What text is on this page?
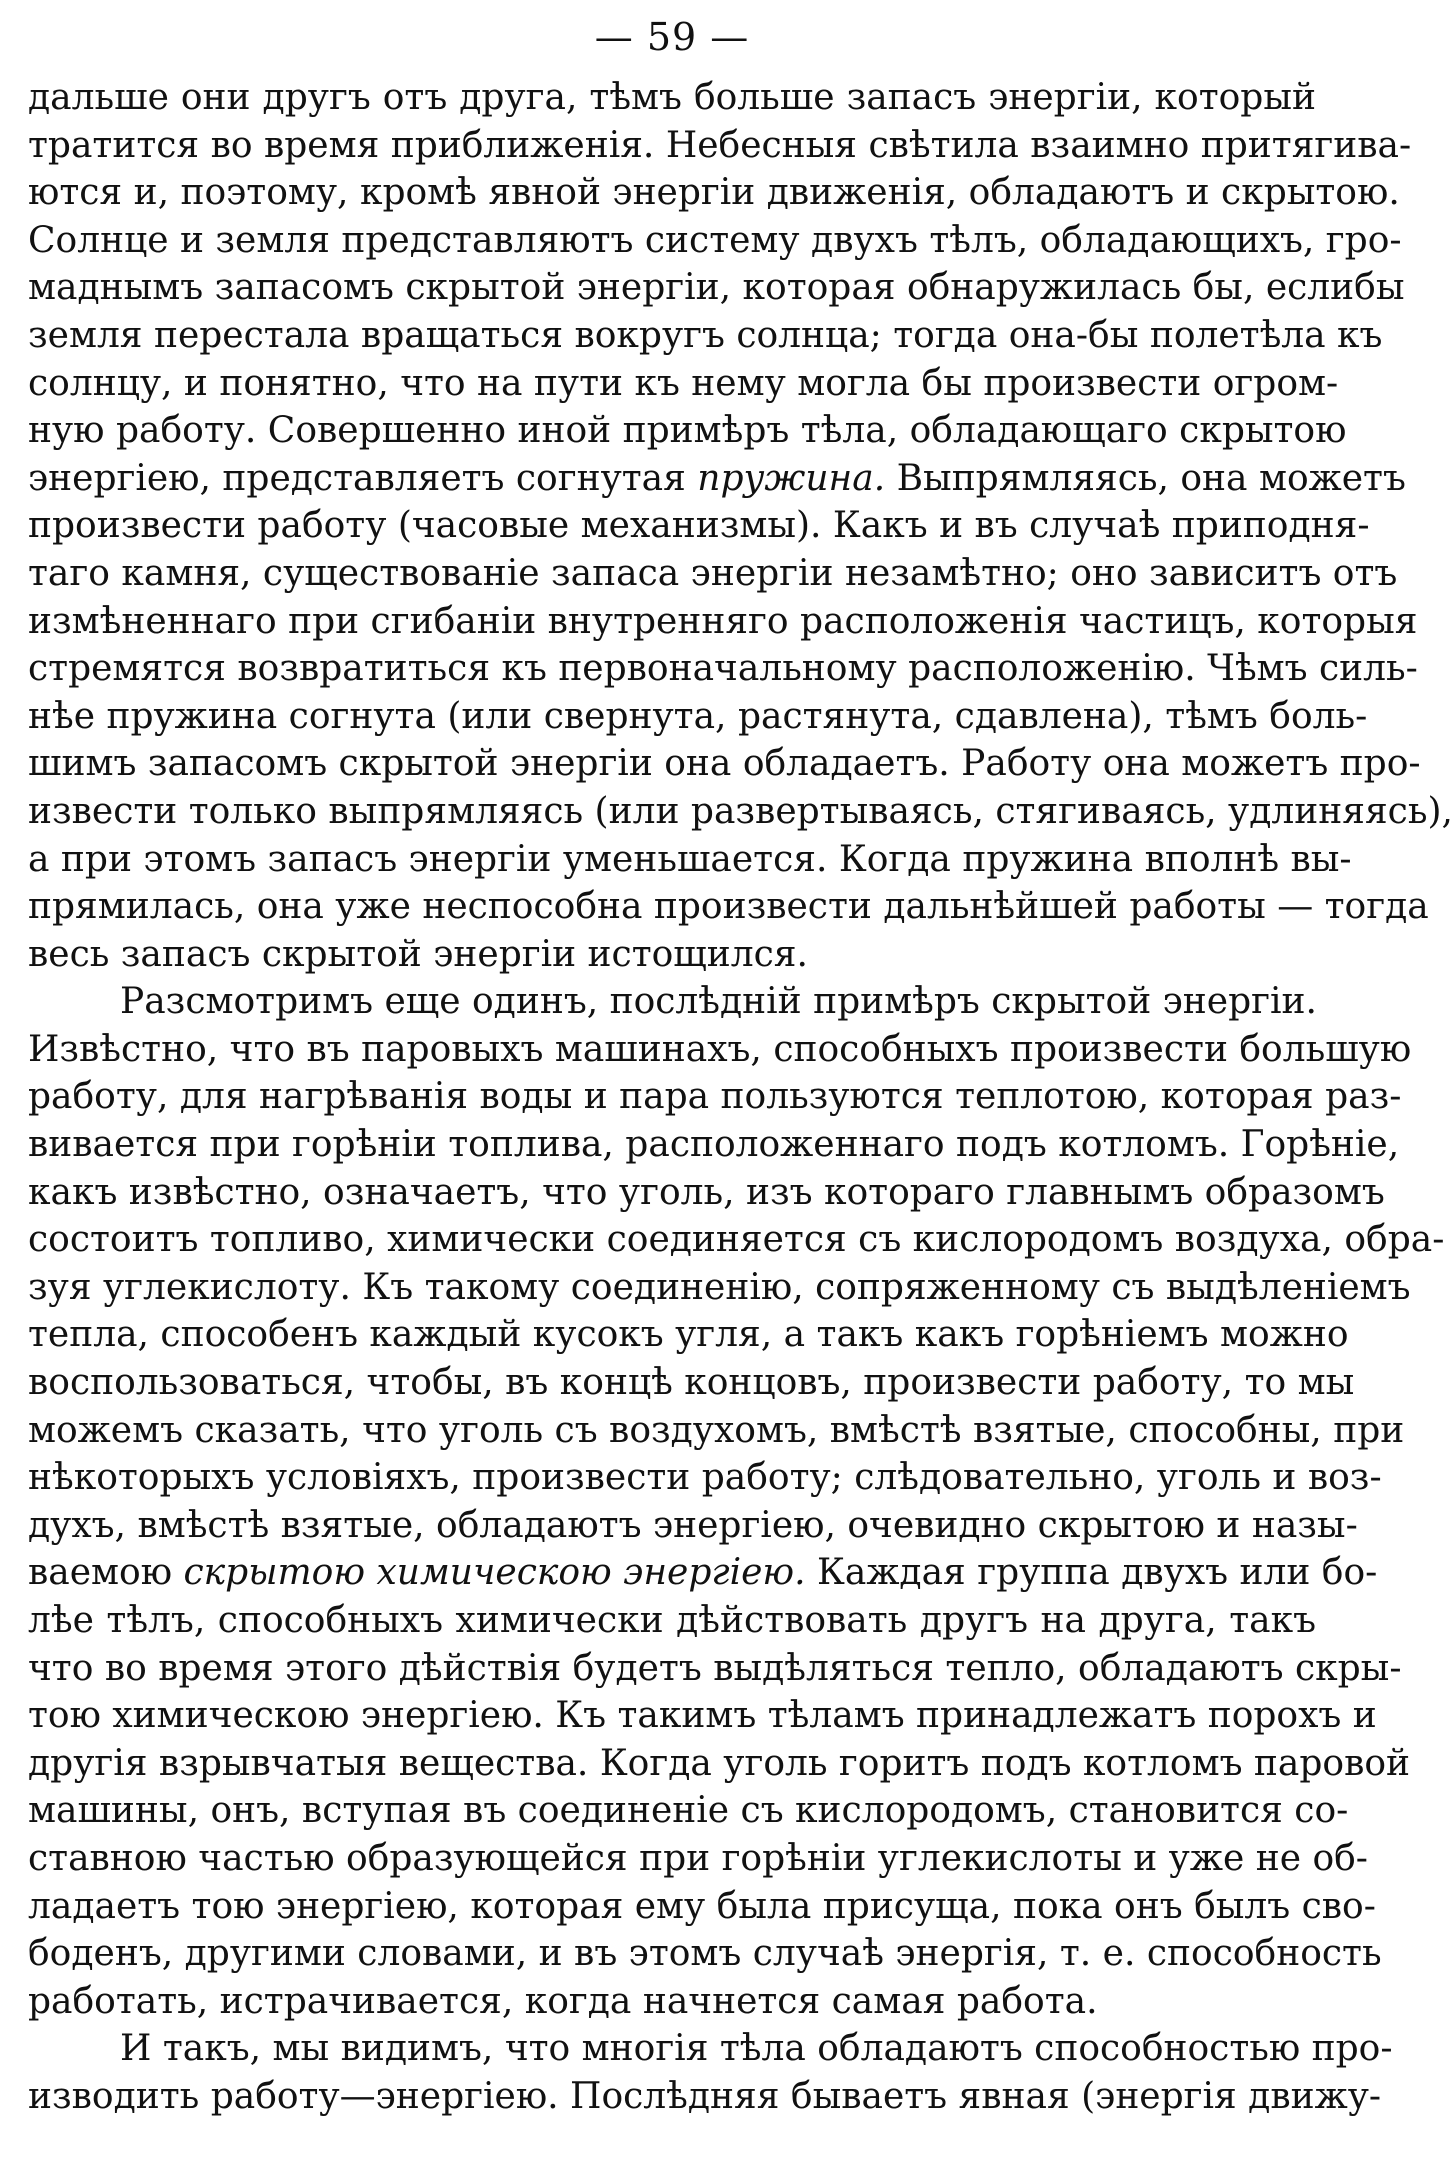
— 59 —
дальше они другъ отъ друга, тѣмъ больше запасъ энергіи, который
тратится во время приближенія. Небесныя свѣтила взаимно притягива-
ются и, поэтому, кромѣ явной энергіи движенія, обладаютъ и скрытою.
Солнце и земля представляютъ систему двухъ тѣлъ, обладающихъ, гро-
маднымъ запасомъ скрытой энергіи, которая обнаружилась бы, еслибы
земля перестала вращаться вокругъ солнца; тогда она-бы полетѣла къ
солнцу, и понятно, что на пути къ нему могла бы произвести огром-
ную работу. Совершенно иной примѣръ тѣла, обладающаго скрытою
энергіею, представляетъ согнутая пружина. Выпрямляясь, она можетъ
произвести работу (часовые механизмы). Какъ и въ случаѣ приподня-
таго камня, существованіе запаса энергіи незамѣтно; оно зависитъ отъ
измѣненнаго при сгибаніи внутренняго расположенія частицъ, которыя
стремятся возвратиться къ первоначальному расположенію. Чѣмъ силь-
нѣе пружина согнута (или свернута, растянута, сдавлена), тѣмъ боль-
шимъ запасомъ скрытой энергіи она обладаетъ. Работу она можетъ про-
извести только выпрямляясь (или развертываясь, стягиваясь, удлиняясь),
а при этомъ запасъ энергіи уменьшается. Когда пружина вполнѣ вы-
прямилась, она уже неспособна произвести дальнѣйшей работы — тогда
весь запасъ скрытой энергіи истощился.
Разсмотримъ еще одинъ, послѣдній примѣръ скрытой энергіи.
Извѣстно, что въ паровыхъ машинахъ, способныхъ произвести большую
работу, для нагрѣванія воды и пара пользуются теплотою, которая раз-
вивается при горѣніи топлива, расположеннаго подъ котломъ. Горѣніе,
какъ извѣстно, означаетъ, что уголь, изъ котораго главнымъ образомъ
состоитъ топливо, химически соединяется съ кислородомъ воздуха, обра-
зуя углекислоту. Къ такому соединенію, сопряженному съ выдѣленіемъ
тепла, способенъ каждый кусокъ угля, а такъ какъ горѣніемъ можно
воспользоваться, чтобы, въ концѣ концовъ, произвести работу, то мы
можемъ сказать, что уголь съ воздухомъ, вмѣстѣ взятые, способны, при
нѣкоторыхъ условіяхъ, произвести работу; слѣдовательно, уголь и воз-
духъ, вмѣстѣ взятые, обладаютъ энергіею, очевидно скрытою и назы-
ваемою скрытою химическою энергіею. Каждая группа двухъ или бо-
лѣе тѣлъ, способныхъ химически дѣйствовать другъ на друга, такъ
что во время этого дѣйствія будетъ выдѣляться тепло, обладаютъ скры-
тою химическою энергіею. Къ такимъ тѣламъ принадлежатъ порохъ и
другія взрывчатыя вещества. Когда уголь горитъ подъ котломъ паровой
машины, онъ, вступая въ соединеніе съ кислородомъ, становится со-
ставною частью образующейся при горѣніи углекислоты и уже не об-
ладаетъ тою энергіею, которая ему была присуща, пока онъ былъ сво-
боденъ, другими словами, и въ этомъ случаѣ энергія, т. е. способность
работать, истрачивается, когда начнется самая работа.
И такъ, мы видимъ, что многія тѣла обладаютъ способностью про-
изводить работу—энергіею. Послѣдняя бываетъ явная (энергія движу-
